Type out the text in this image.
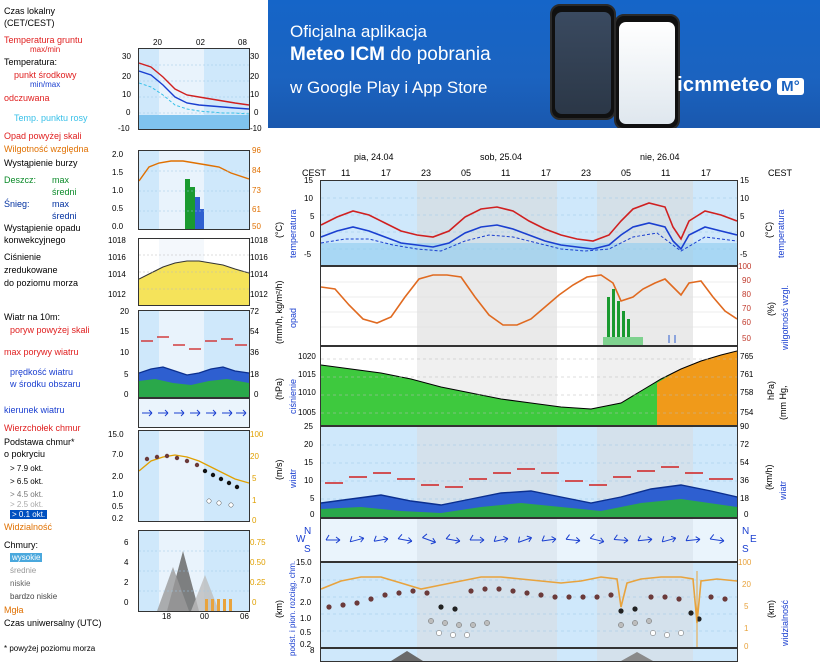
Czas lokalny
(CET/CEST)
Temperatura gruntu
max/min
Temperatura:
punkt środkowy
min/max
odczuwana
Temp. punktu rosy
Opad powyżej skali
Wilgotność względna
Wystąpienie burzy
Deszcz: max
średni
Śnieg: max
średni
Wystąpienie opadu
konwekcyjnego
Ciśnienie
zredukowane
do poziomu morza
Wiatr na 10m:
poryw powyżej skali
max porywy wiatru
prędkość wiatru
w środku obszaru
kierunek wiatru
Wierzchołek chmur
Podstawa chmur*
o pokryciu
> 7.9 okt.
> 6.5 okt.
> 4.5 okt.
> 2.5 okt.
> 0.1 okt.
Widzialność
Chmury:
wysokie
średnie
niskie
bardzo niskie
Mgła
Czas uniwersalny (UTC)
* powyżej poziomu morza
20	02	08
30
20
10
0
-10
30
20
10
0
-10
2.0
1.5
1.0
0.5
0.0
96
84
73
61
50
1018
1016
1014
1012
1018
1016
1014
1012
20
15
10
5
0
72
54
36
18
0
15.0
7.0
2.0
1.0
0.5
0.2
100
20
5
1
0
6
4
2
0
0.75
0.50
0.25
0
18	00	06
Oficjalna aplikacja
Meteo ICM do pobrania
w Google Play i App Store	icmmeteo M°
pia, 24.04	sob, 25.04	nie, 26.04
CEST	CEST
11	17	23	05	11	17	23	05	11	17
15
10
5
0
-5
15
10
5
0
-5
temperatura
(°C)	temperatura
(°C)
100
90
80
70
60
50
opad
(mm/h, kg/m²/h)	wilgotność wzgl.
(%)
1020
1015
1010
1005
765
761
758
754
ciśnienie
(hPa)	(mm Hg,
hPa)
25
20
15
10
5
0
90
72
54
36
18
0
wiatr
(m/s)
wiatr
(km/h)
N
W
S
N
E
S
15.0
7.0
2.0
1.0
0.5
0.2
100
20
5
1
0
podst. i pion. rozciąg. chm.
(km)	widzialność
(km)
8
